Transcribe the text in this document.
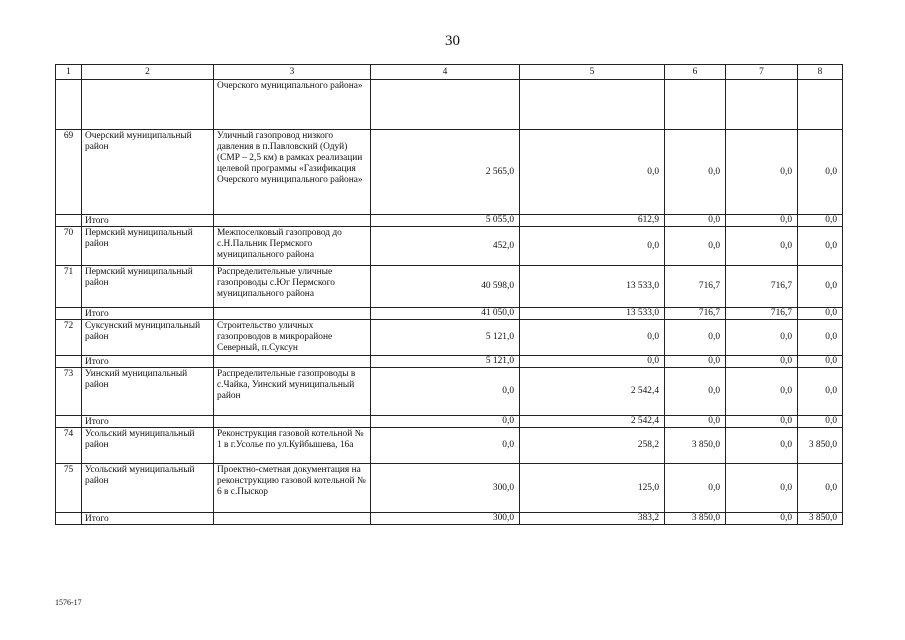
30
1	2	3	4	5	6	7	8
		Очерского муниципального района»					
69	Очерский муниципальный район	Уличный газопровод низкого давления в п.Павловский (Одуй) (СМР – 2,5 км) в рамках реализации целевой программы «Газификация Очерского муниципального района»	2 565,0	0,0	0,0	0,0	0,0
	Итого		5 055,0	612,9	0,0	0,0	0,0
70	Пермский муниципальный район	Межпоселковый газопровод до с.Н.Пальник Пермского муниципального района	452,0	0,0	0,0	0,0	0,0
71	Пермский муниципальный район	Распределительные уличные газопроводы с.Юг Пермского муниципального района	40 598,0	13 533,0	716,7	716,7	0,0
	Итого		41 050,0	13 533,0	716,7	716,7	0,0
72	Суксунский муниципальный район	Строительство уличных газопроводов в микрорайоне Северный, п.Суксун	5 121,0	0,0	0,0	0,0	0,0
	Итого		5 121,0	0,0	0,0	0,0	0,0
73	Уинский муниципальный район	Распределительные газопроводы в с.Чайка, Уинский муниципальный район	0,0	2 542,4	0,0	0,0	0,0
	Итого		0,0	2 542,4	0,0	0,0	0,0
74	Усольский муниципальный район	Реконструкция газовой котельной № 1 в г.Усолье по ул.Куйбышева, 16а	0,0	258,2	3 850,0	0,0	3 850,0
75	Усольский муниципальный район	Проектно-сметная документация на реконструкцию газовой котельной № 6 в с.Пыскор	300,0	125,0	0,0	0,0	0,0
	Итого		300,0	383,2	3 850,0	0,0	3 850,0
1576-17
